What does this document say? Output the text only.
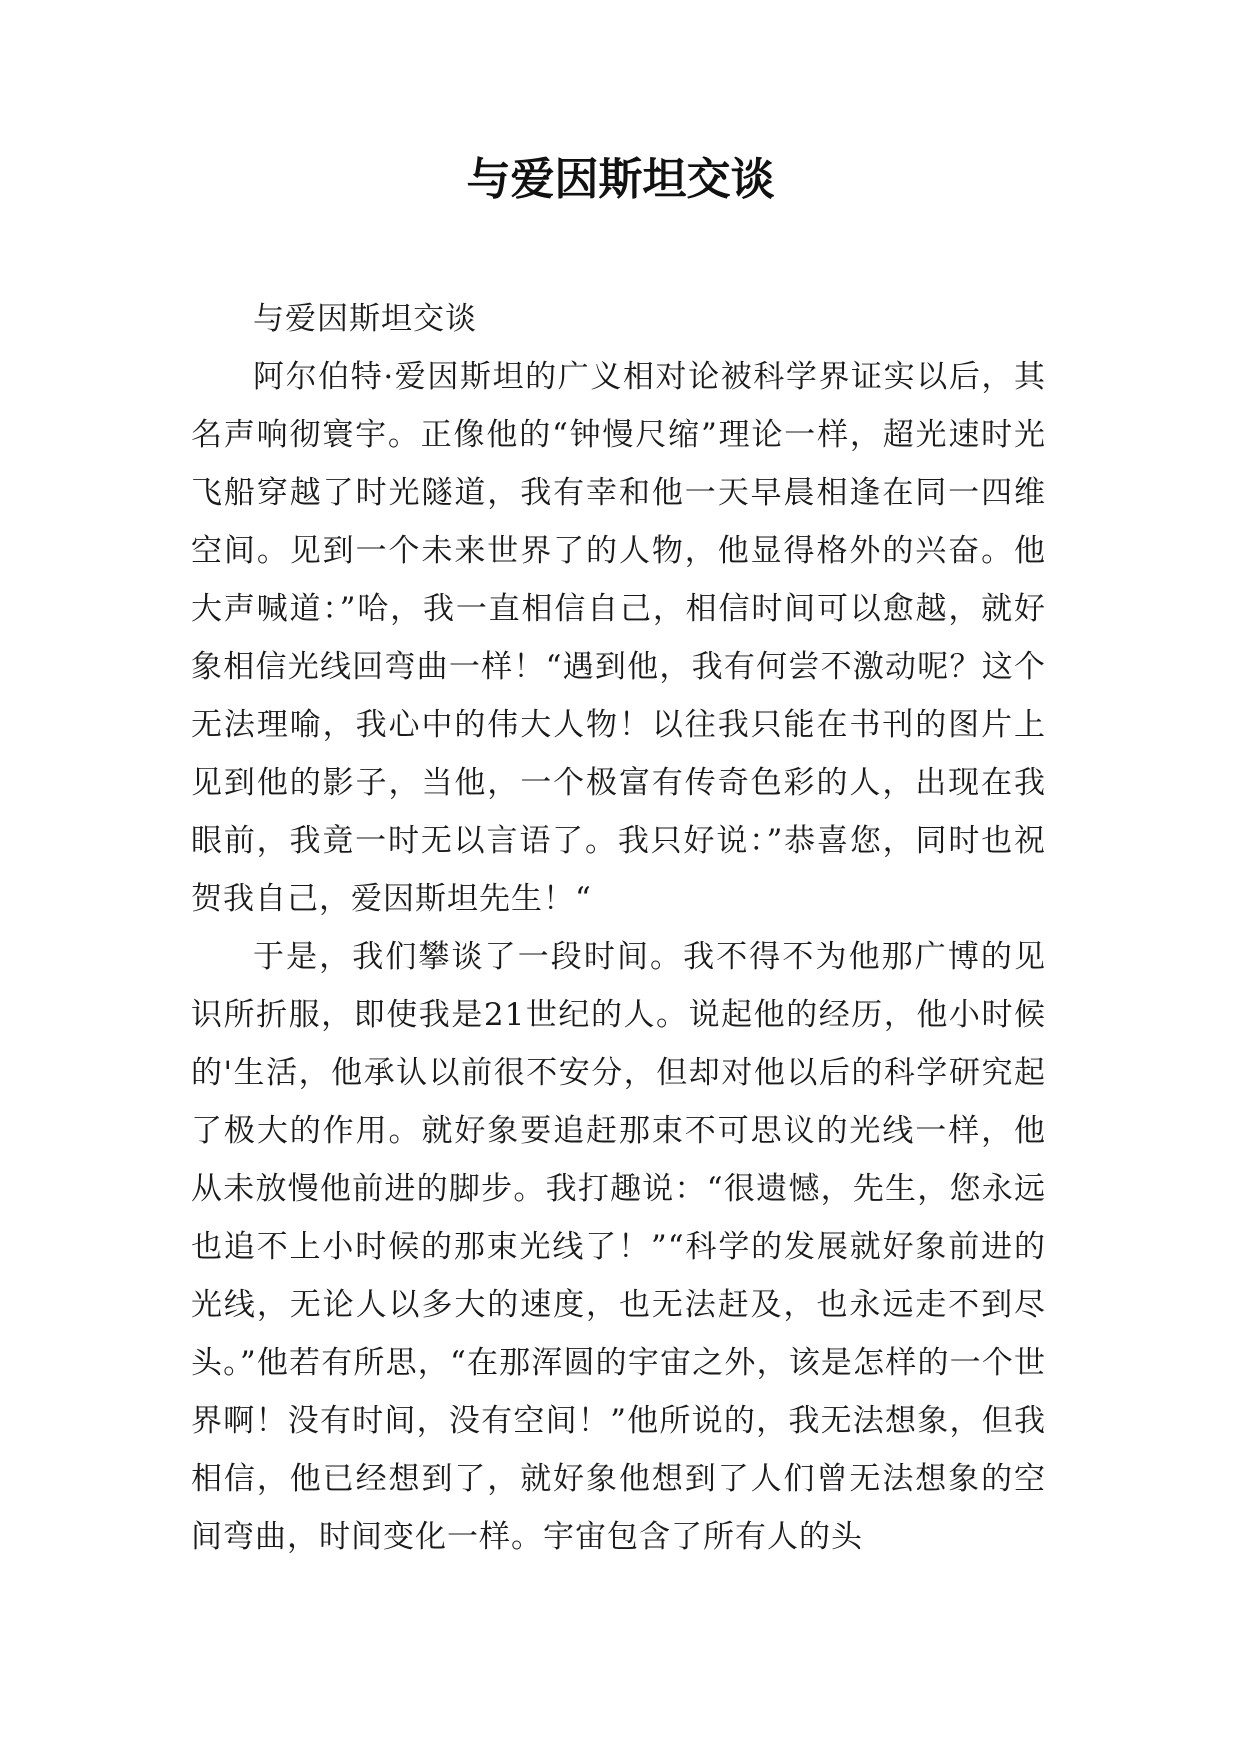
与爱因斯坦交谈

与爱因斯坦交谈

阿尔伯特·爱因斯坦的广义相对论被科学界证实以后，其名声响彻寰宇。正像他的“钟慢尺缩”理论一样，超光速时光飞船穿越了时光隧道，我有幸和他一天早晨相逢在同一四维空间。见到一个未来世界了的人物，他显得格外的兴奋。他大声喊道：”哈，我一直相信自己，相信时间可以愈越，就好象相信光线回弯曲一样！“遇到他，我有何尝不激动呢？这个无法理喻，我心中的伟大人物！以往我只能在书刊的图片上见到他的影子，当他，一个极富有传奇色彩的人，出现在我眼前，我竟一时无以言语了。我只好说：”恭喜您，同时也祝贺我自己，爱因斯坦先生！“

于是，我们攀谈了一段时间。我不得不为他那广博的见识所折服，即使我是21世纪的人。说起他的经历，他小时候的'生活，他承认以前很不安分，但却对他以后的科学研究起了极大的作用。就好象要追赶那束不可思议的光线一样，他从未放慢他前进的脚步。我打趣说：“很遗憾，先生，您永远也追不上小时候的那束光线了！”“科学的发展就好象前进的光线，无论人以多大的速度，也无法赶及，也永远走不到尽头。”他若有所思，“在那浑圆的宇宙之外，该是怎样的一个世界啊！没有时间，没有空间！”他所说的，我无法想象，但我相信，他已经想到了，就好象他想到了人们曾无法想象的空间弯曲，时间变化一样。宇宙包含了所有人的头
